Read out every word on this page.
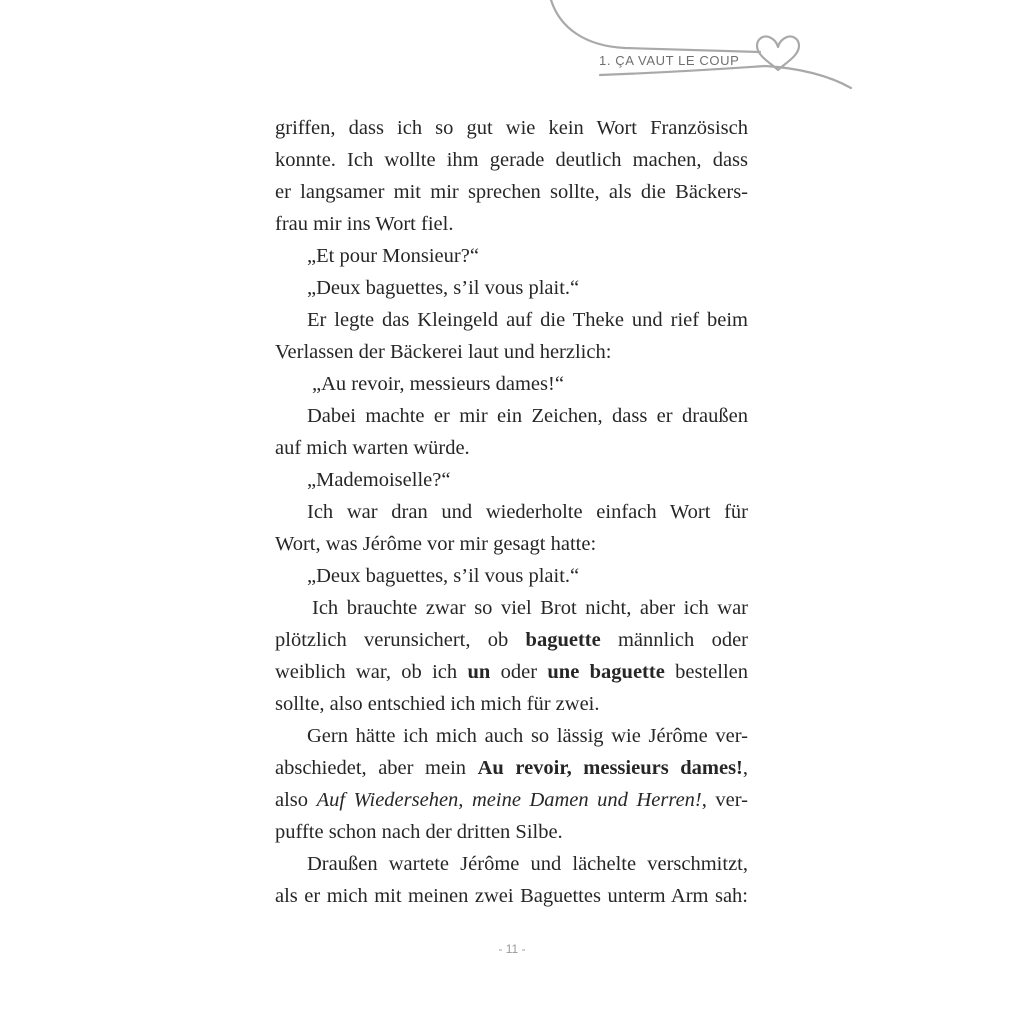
1. ÇA VAUT LE COUP
griffen, dass ich so gut wie kein Wort Französisch
konnte. Ich wollte ihm gerade deutlich machen, dass
er langsamer mit mir sprechen sollte, als die Bäckers-
frau mir ins Wort fiel.
„Et pour Monsieur?“
„Deux baguettes, s’il vous plait.“
Er legte das Kleingeld auf die Theke und rief beim
Verlassen der Bäckerei laut und herzlich:
„Au revoir, messieurs dames!“
Dabei machte er mir ein Zeichen, dass er draußen
auf mich warten würde.
„Mademoiselle?“
Ich war dran und wiederholte einfach Wort für
Wort, was Jérôme vor mir gesagt hatte:
„Deux baguettes, s’il vous plait.“
Ich brauchte zwar so viel Brot nicht, aber ich war
plötzlich verunsichert, ob baguette männlich oder
weiblich war, ob ich un oder une baguette bestellen
sollte, also entschied ich mich für zwei.
Gern hätte ich mich auch so lässig wie Jérôme ver-
abschiedet, aber mein Au revoir, messieurs dames!,
also Auf Wiedersehen, meine Damen und Herren!, ver-
puffte schon nach der dritten Silbe.
Draußen wartete Jérôme und lächelte verschmitzt,
als er mich mit meinen zwei Baguettes unterm Arm sah:
- 11 -
